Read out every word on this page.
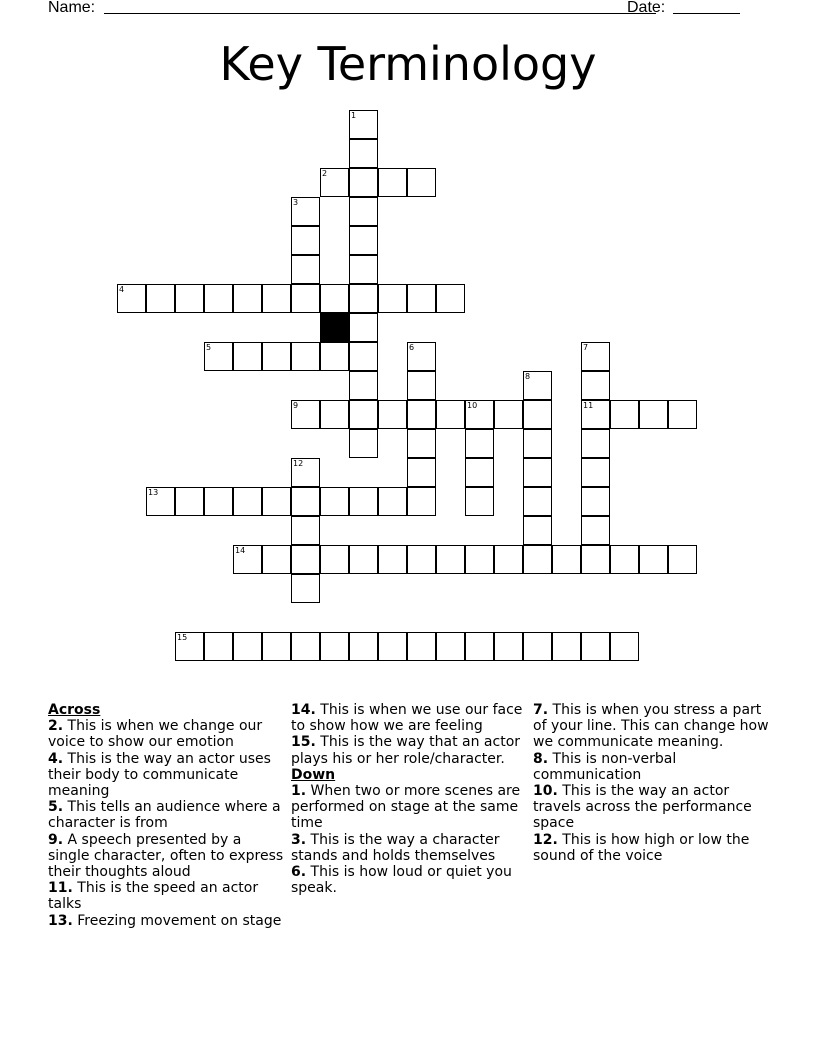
Name:	Date:
Key Terminology
2
4
5
9	10	11
13
14
15
1
3
6	7
8
12
Across
2. This is when we change our voice to show our emotion
4. This is the way an actor uses their body to communicate meaning
5. This tells an audience where a character is from
9. A speech presented by a single character, often to express their thoughts aloud
11. This is the speed an actor talks
13. Freezing movement on stage
14. This is when we use our face to show how we are feeling
15. This is the way that an actor plays his or her role/character.
Down
1. When two or more scenes are performed on stage at the same time
3. This is the way a character stands and holds themselves
6. This is how loud or quiet you speak.
7. This is when you stress a part of your line. This can change how we communicate meaning.
8. This is non-verbal communication
10. This is the way an actor travels across the performance space
12. This is how high or low the sound of the voice
